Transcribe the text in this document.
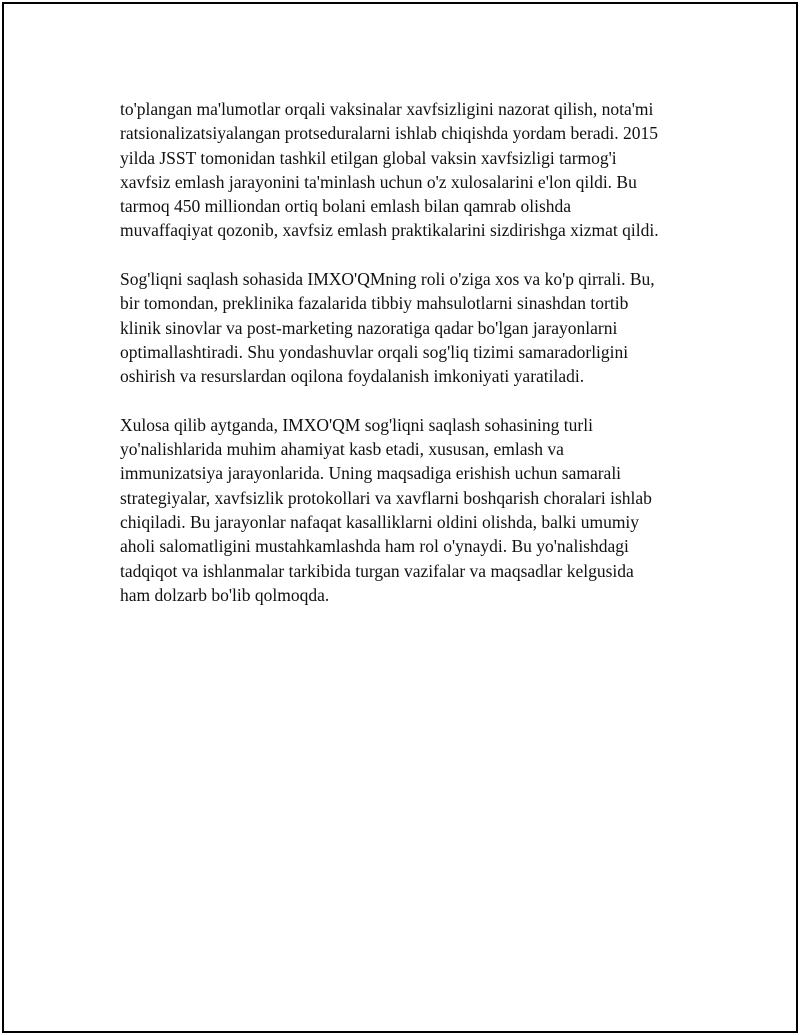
to'plangan ma'lumotlar orqali vaksinalar xavfsizligini nazorat qilish, nota'mi
ratsionalizatsiyalangan protseduralarni ishlab chiqishda yordam beradi. 2015
yilda JSST tomonidan tashkil etilgan global vaksin xavfsizligi tarmog'i
xavfsiz emlash jarayonini ta'minlash uchun o'z xulosalarini e'lon qildi. Bu
tarmoq 450 milliondan ortiq bolani emlash bilan qamrab olishda
muvaffaqiyat qozonib, xavfsiz emlash praktikalarini sizdirishga xizmat qildi.

Sog'liqni saqlash sohasida IMXO'QMning roli o'ziga xos va ko'p qirrali. Bu,
bir tomondan, preklinika fazalarida tibbiy mahsulotlarni sinashdan tortib
klinik sinovlar va post-marketing nazoratiga qadar bo'lgan jarayonlarni
optimallashtiradi. Shu yondashuvlar orqali sog'liq tizimi samaradorligini
oshirish va resurslardan oqilona foydalanish imkoniyati yaratiladi.

Xulosa qilib aytganda, IMXO'QM sog'liqni saqlash sohasining turli
yo'nalishlarida muhim ahamiyat kasb etadi, xususan, emlash va
immunizatsiya jarayonlarida. Uning maqsadiga erishish uchun samarali
strategiyalar, xavfsizlik protokollari va xavflarni boshqarish choralari ishlab
chiqiladi. Bu jarayonlar nafaqat kasalliklarni oldini olishda, balki umumiy
aholi salomatligini mustahkamlashda ham rol o'ynaydi. Bu yo'nalishdagi
tadqiqot va ishlanmalar tarkibida turgan vazifalar va maqsadlar kelgusida
ham dolzarb bo'lib qolmoqda.
